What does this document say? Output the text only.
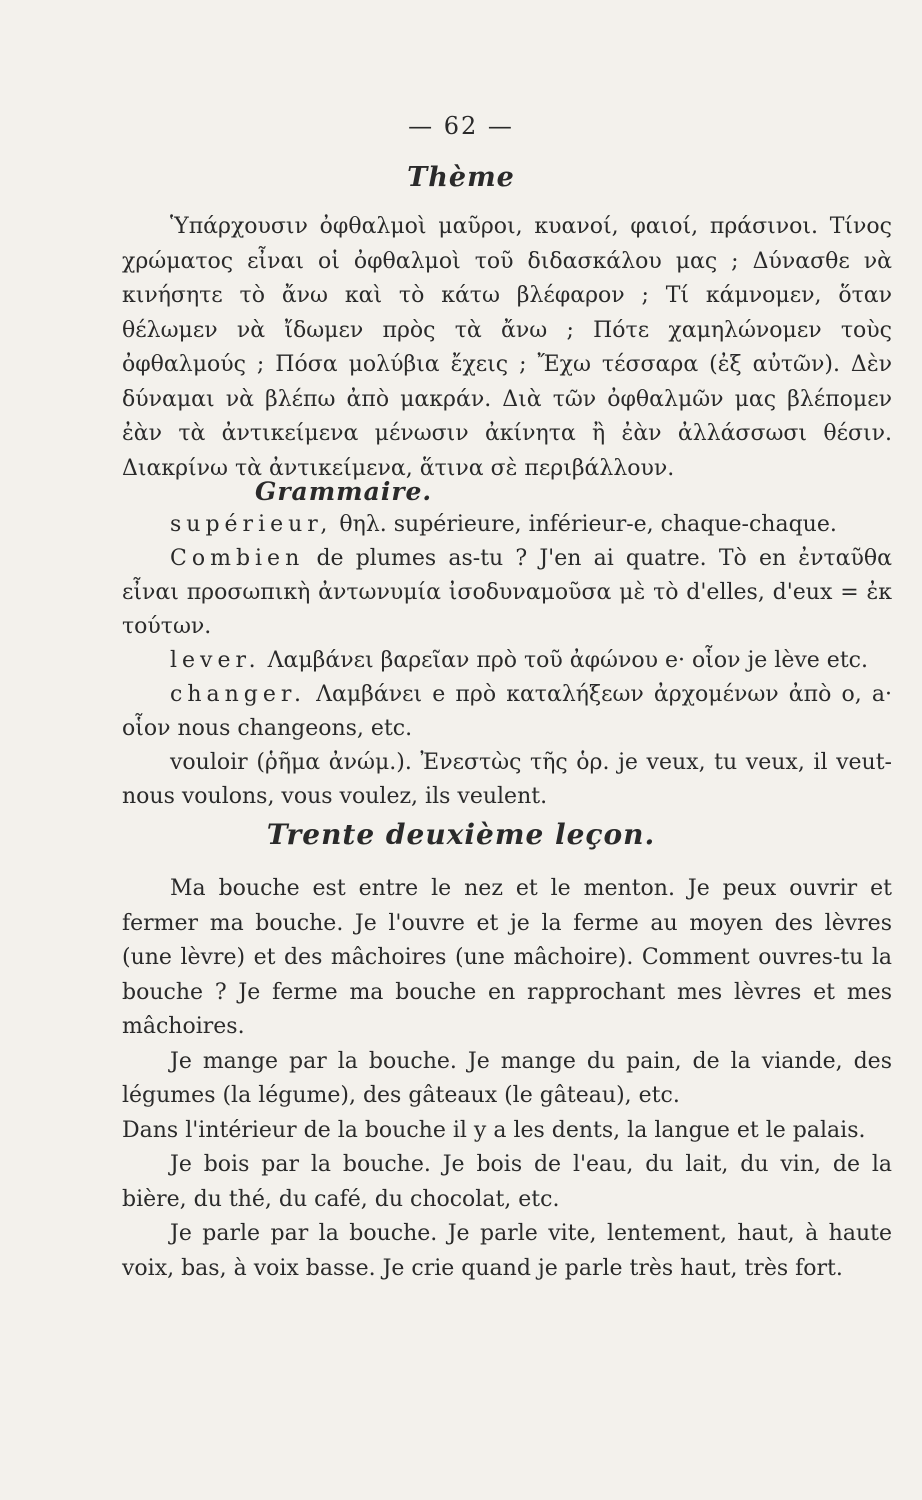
— 62 —
Thème

Ὑπάρχουσιν ὀφθαλμοὶ μαῦροι, κυανοί, φαιοί, πράσινοι. Τίνος χρώματος εἶναι οἱ ὀφθαλμοὶ τοῦ διδασκάλου μας ; Δύνασθε νὰ κινήσητε τὸ ἄνω καὶ τὸ κάτω βλέφαρον ; Τί κάμνομεν, ὅταν θέλωμεν νὰ ἴδωμεν πρὸς τὰ ἄνω ; Πότε χαμηλώνομεν τοὺς ὀφθαλμούς ; Πόσα μολύβια ἔχεις ; Ἔχω τέσσαρα (ἐξ αὐτῶν). Δὲν δύναμαι νὰ βλέπω ἀπὸ μακράν. Διὰ τῶν ὀφθαλμῶν μας βλέπομεν ἐὰν τὰ ἀντικείμενα μένωσιν ἀκίνητα ἢ ἐὰν ἀλλάσσωσι θέσιν. Διακρίνω τὰ ἀντικείμενα, ἅτινα σὲ περιβάλλουν.

Grammaire.

supérieur, θηλ. supérieure, inférieur-e, chaque-chaque.

Combien de plumes as-tu ? J'en ai quatre. Τὸ en ἐνταῦθα εἶναι προσωπικὴ ἀντωνυμία ἰσοδυναμοῦσα μὲ τὸ d'elles, d'eux = ἐκ τούτων.

lever. Λαμβάνει βαρεῖαν πρὸ τοῦ ἀφώνου e· οἷον je lève etc.

changer. Λαμβάνει e πρὸ καταλήξεων ἀρχομένων ἀπὸ o, a· οἷον nous changeons, etc.

vouloir (ῥῆμα ἀνώμ.). Ἐνεστὼς τῆς ὁρ. je veux, tu veux, il veut-nous voulons, vous voulez, ils veulent.

Trente deuxième leçon.

Ma bouche est entre le nez et le menton. Je peux ouvrir et fermer ma bouche. Je l'ouvre et je la ferme au moyen des lèvres (une lèvre) et des mâchoires (une mâchoire). Comment ouvres-tu la bouche ? Je ferme ma bouche en rapprochant mes lèvres et mes mâchoires.

Je mange par la bouche. Je mange du pain, de la viande, des légumes (la légume), des gâteaux (le gâteau), etc.

Dans l'intérieur de la bouche il y a les dents, la langue et le palais.

Je bois par la bouche. Je bois de l'eau, du lait, du vin, de la bière, du thé, du café, du chocolat, etc.

Je parle par la bouche. Je parle vite, lentement, haut, à haute voix, bas, à voix basse. Je crie quand je parle très haut, très fort.
